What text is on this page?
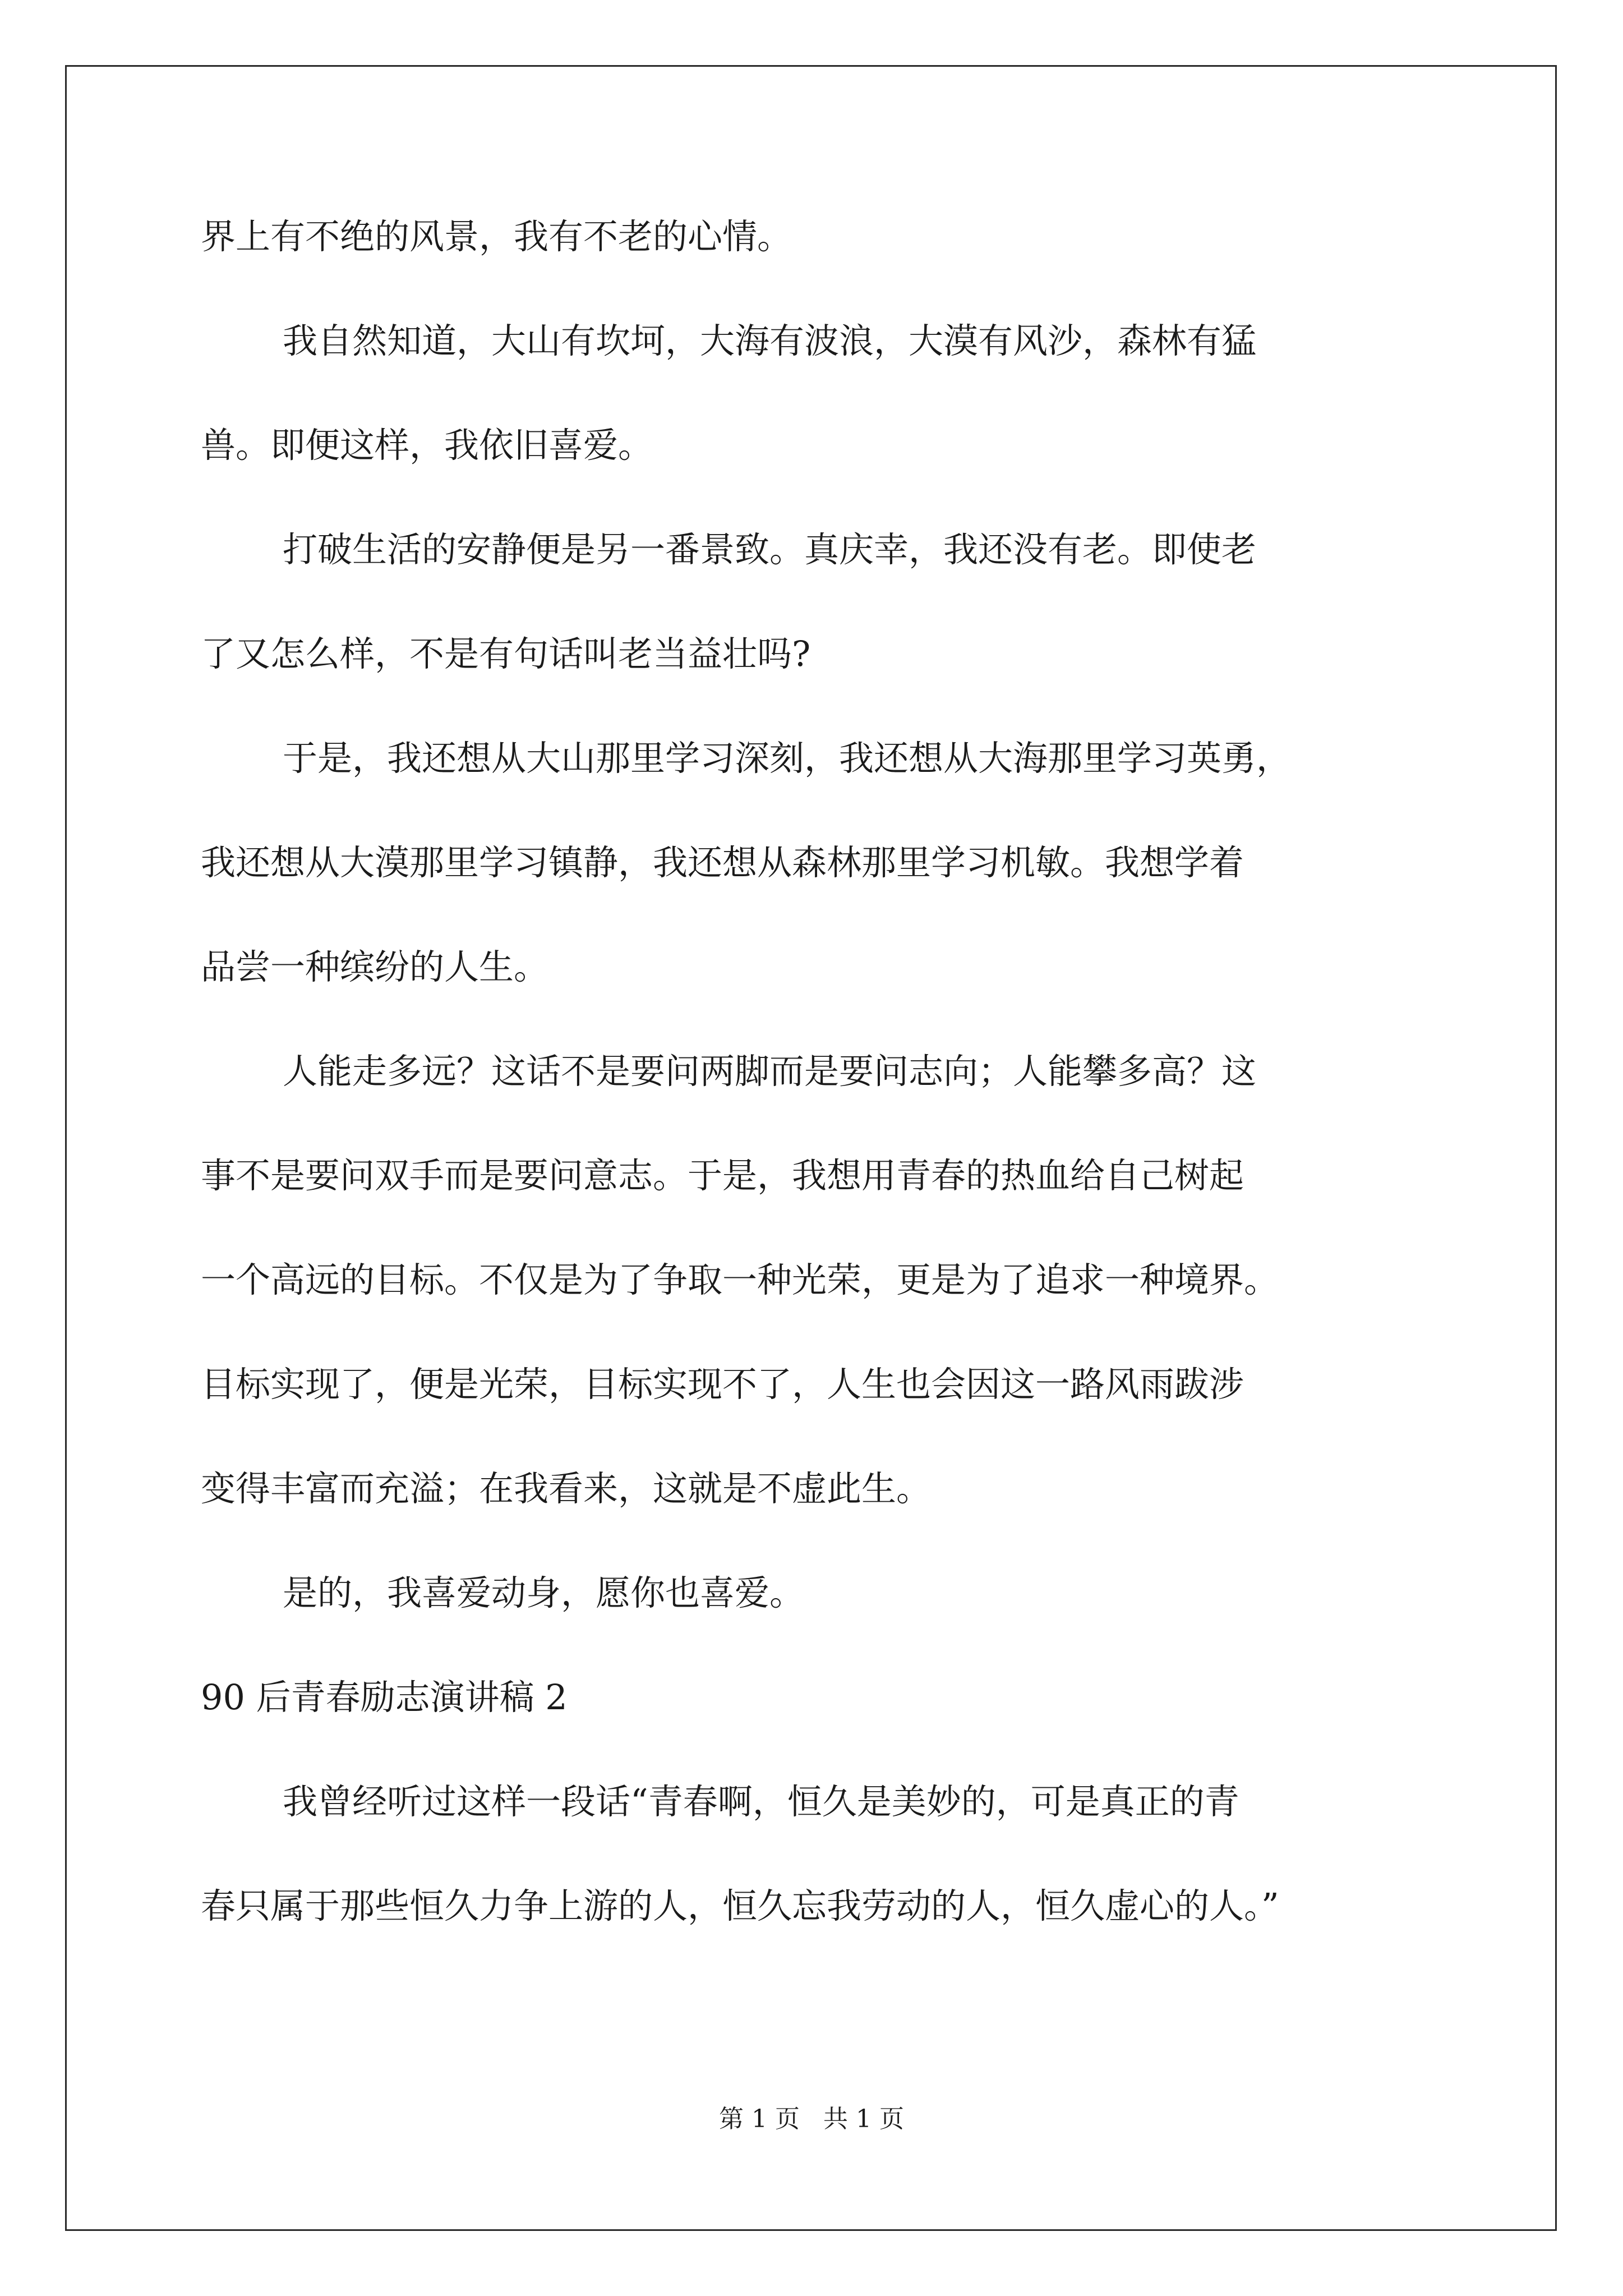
界上有不绝的风景，我有不老的心情。
我自然知道，大山有坎坷，大海有波浪，大漠有风沙，森林有猛
兽。即便这样，我依旧喜爱。
打破生活的安静便是另一番景致。真庆幸，我还没有老。即使老
了又怎么样，不是有句话叫老当益壮吗?
于是，我还想从大山那里学习深刻，我还想从大海那里学习英勇，
我还想从大漠那里学习镇静，我还想从森林那里学习机敏。我想学着
品尝一种缤纷的人生。
人能走多远？这话不是要问两脚而是要问志向；人能攀多高？这
事不是要问双手而是要问意志。于是，我想用青春的热血给自己树起
一个高远的目标。不仅是为了争取一种光荣，更是为了追求一种境界。
目标实现了，便是光荣，目标实现不了，人生也会因这一路风雨跋涉
变得丰富而充溢；在我看来，这就是不虚此生。
是的，我喜爱动身，愿你也喜爱。
90 后青春励志演讲稿 2
我曾经听过这样一段话“青春啊，恒久是美妙的，可是真正的青
春只属于那些恒久力争上游的人，恒久忘我劳动的人，恒久虚心的人。”
第 1 页   共 1 页
